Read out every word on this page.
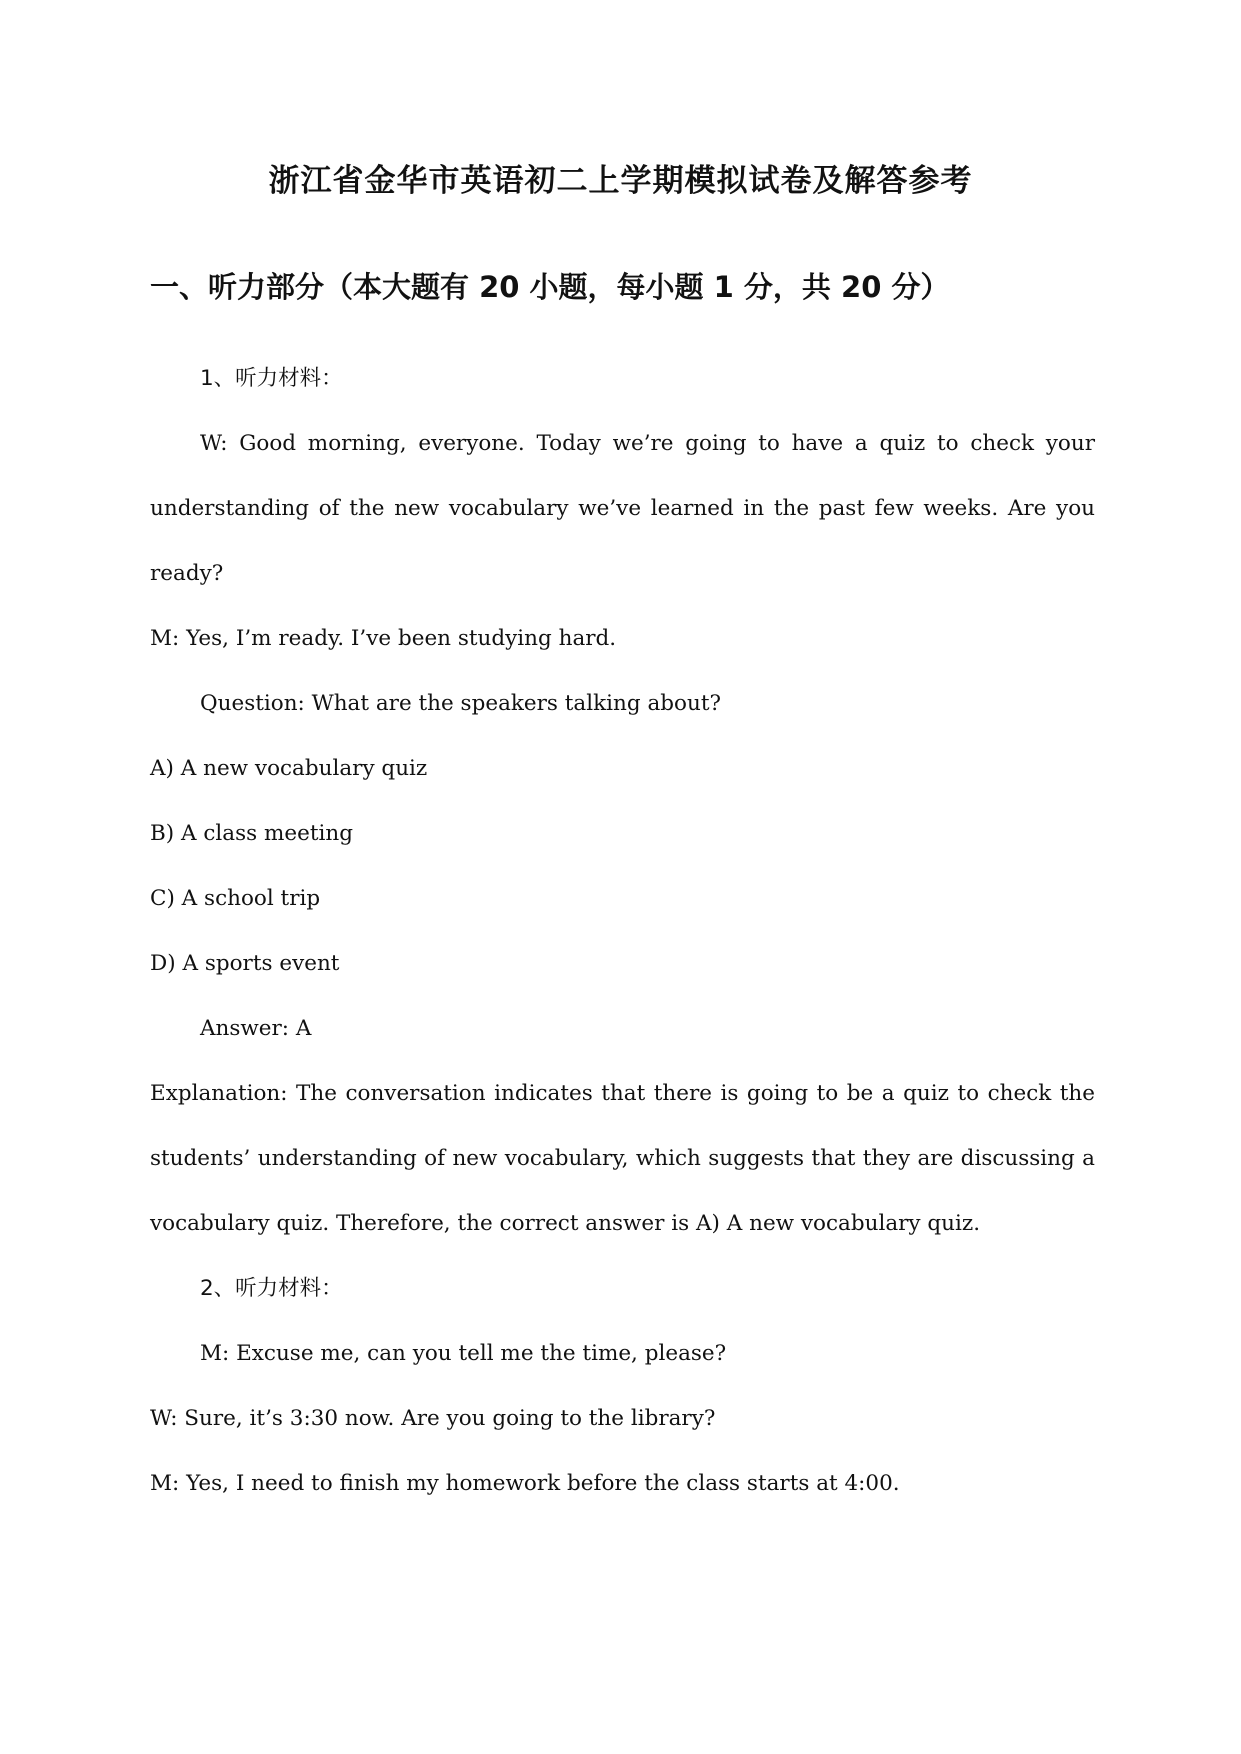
浙江省金华市英语初二上学期模拟试卷及解答参考
一、听力部分（本大题有 20 小题，每小题 1 分，共 20 分）

1、听力材料：

W: Good morning, everyone. Today we’re going to have a quiz to check your understanding of the new vocabulary we’ve learned in the past few weeks. Are you ready?

M: Yes, I’m ready. I’ve been studying hard.

Question: What are the speakers talking about?

A) A new vocabulary quiz

B) A class meeting

C) A school trip

D) A sports event

Answer: A

Explanation: The conversation indicates that there is going to be a quiz to check the students’ understanding of new vocabulary, which suggests that they are discussing a vocabulary quiz. Therefore, the correct answer is A) A new vocabulary quiz.

2、听力材料：

M: Excuse me, can you tell me the time, please?

W: Sure, it’s 3:30 now. Are you going to the library?

M: Yes, I need to finish my homework before the class starts at 4:00.
